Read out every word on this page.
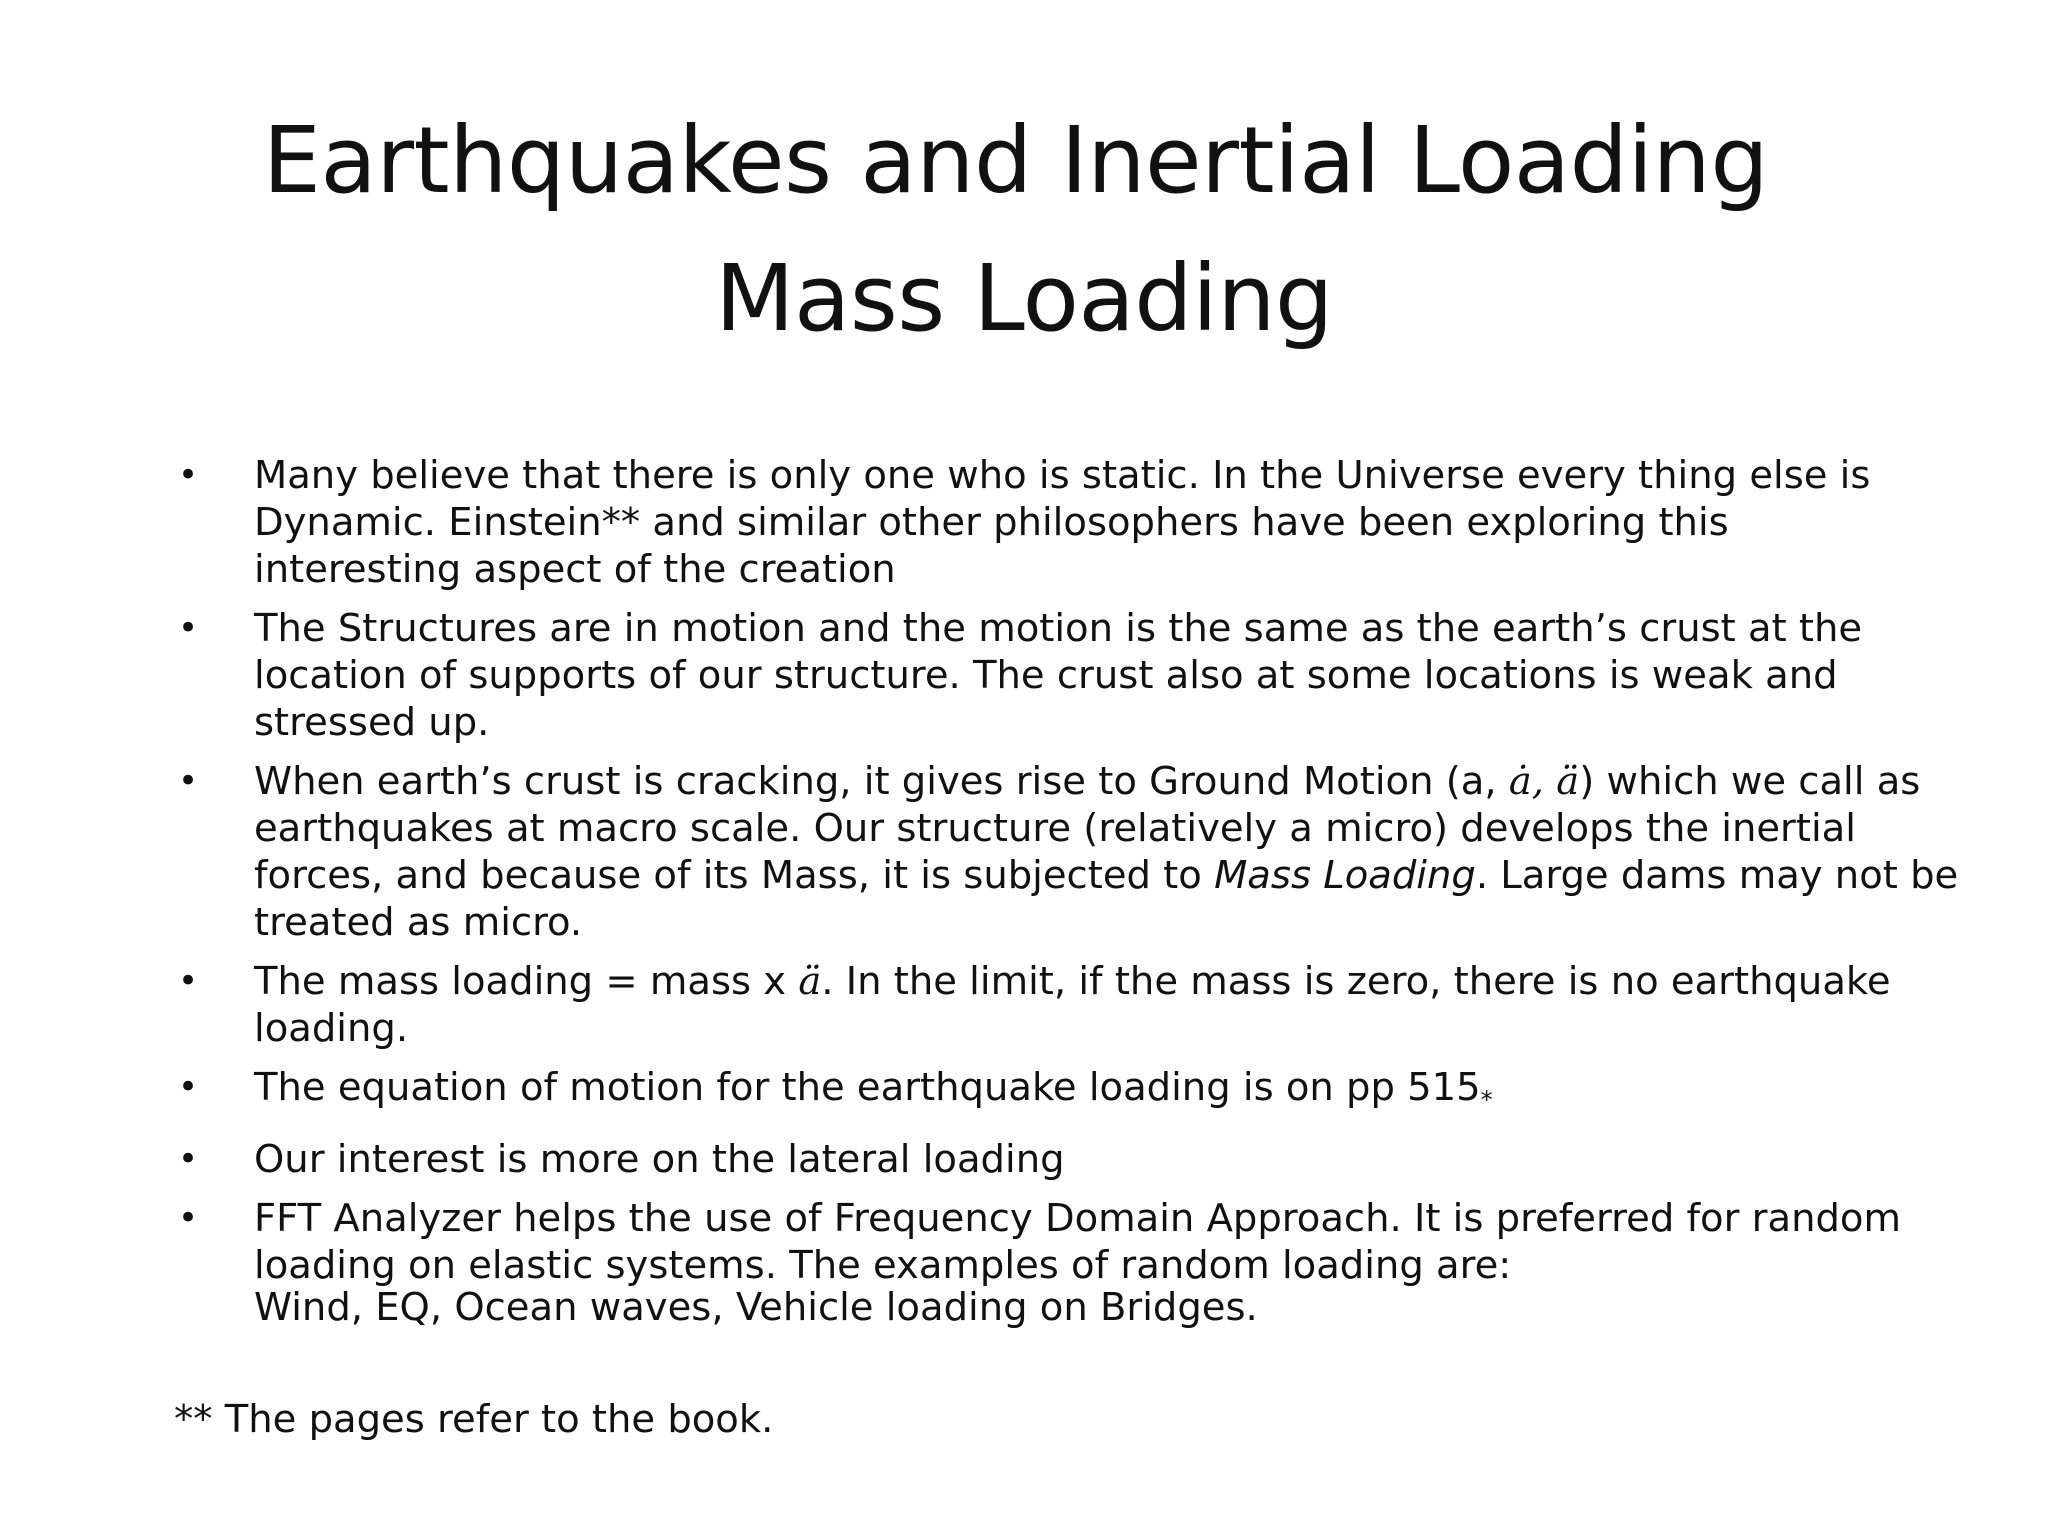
Earthquakes and Inertial Loading
Mass Loading
• Many believe that there is only one who is static. In the Universe every thing else is
Dynamic. Einstein** and similar other philosophers have been exploring this
interesting aspect of the creation
• The Structures are in motion and the motion is the same as the earth’s crust at the
location of supports of our structure. The crust also at some locations is weak and
stressed up.
• When earth’s crust is cracking, it gives rise to Ground Motion (a, ȧ, ä) which we call as
earthquakes at macro scale. Our structure (relatively a micro) develops the inertial
forces, and because of its Mass, it is subjected to Mass Loading. Large dams may not be
treated as micro.
• The mass loading = mass x ä. In the limit, if the mass is zero, there is no earthquake
loading.
• The equation of motion for the earthquake loading is on pp $515_*$
• Our interest is more on the lateral loading
• FFT Analyzer helps the use of Frequency Domain Approach. It is preferred for random
loading on elastic systems. The examples of random loading are:
Wind, EQ, Ocean waves, Vehicle loading on Bridges.
** The pages refer to the book.
